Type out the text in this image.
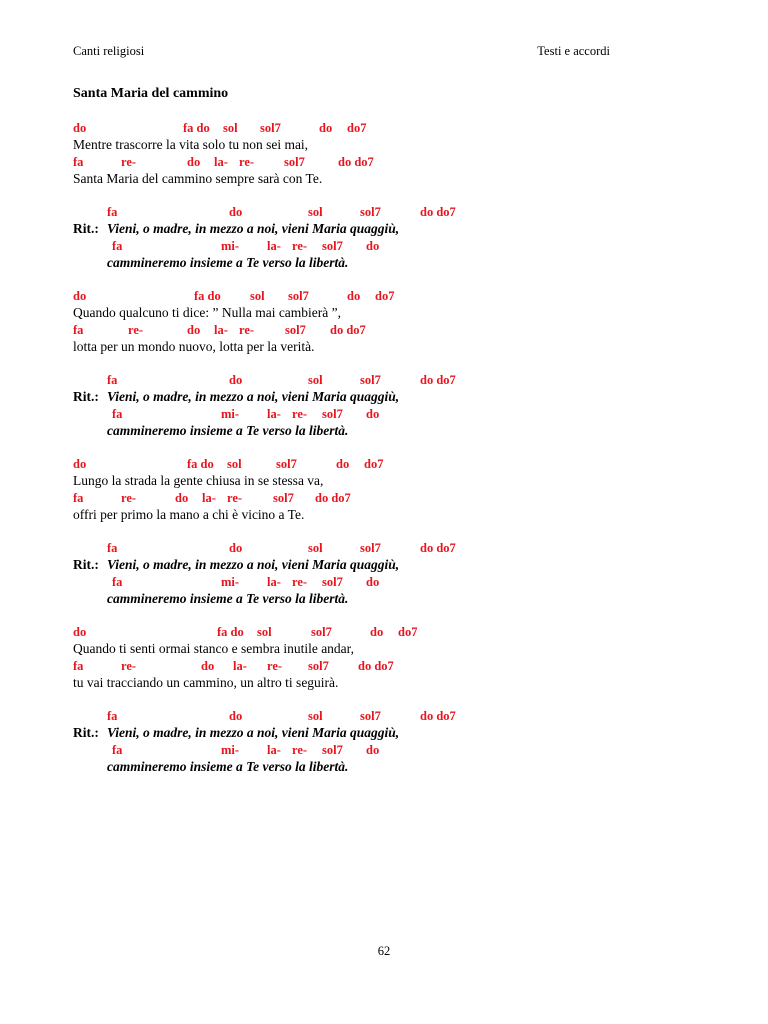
Canti religiosi	Testi e accordi
Santa Maria del cammino

do

	fa do

sol

sol7

	do

do7

Mentre trascorre la vita solo tu non sei mai,

fa

	re-

	do

la-

re-

sol7

	do do7

Santa Maria del cammino sempre sarà con Te.

fa

	do

	sol

	sol7

	do do7

Rit.:

Vieni, o madre, in mezzo a noi, vieni Maria quaggiù,

fa

	mi-

la-

re-

sol7

do

cammineremo insieme a Te verso la libertà.

do

	fa do

sol

sol7

	do

do7

Quando qualcuno ti dice: ” Nulla mai cambierà ”,

fa

	re-

	do

la-

re-

sol7

do do7

lotta per un mondo nuovo, lotta per la verità.

fa

	do

	sol

	sol7

	do do7

Rit.:

Vieni, o madre, in mezzo a noi, vieni Maria quaggiù,

fa

	mi-

la-

re-

sol7

do

cammineremo insieme a Te verso la libertà.

do

	fa do

sol

	sol7

	do

do7

Lungo la strada la gente chiusa in se stessa va,

fa

	re-

	do

la-

re-

sol7

do do7

offri per primo la mano a chi è vicino a Te.

fa

	do

	sol

	sol7

	do do7

Rit.:

Vieni, o madre, in mezzo a noi, vieni Maria quaggiù,

fa

	mi-

la-

re-

sol7

do

cammineremo insieme a Te verso la libertà.

do

	fa do

sol

	sol7

	do

do7

Quando ti senti ormai stanco e sembra inutile andar,

fa

	re-

	do

la-

re-

sol7

do do7

tu vai tracciando un cammino, un altro ti seguirà.

fa

	do

	sol

	sol7

	do do7

Rit.:

Vieni, o madre, in mezzo a noi, vieni Maria quaggiù,

fa

	mi-

la-

re-

sol7

do

cammineremo insieme a Te verso la libertà.

62
